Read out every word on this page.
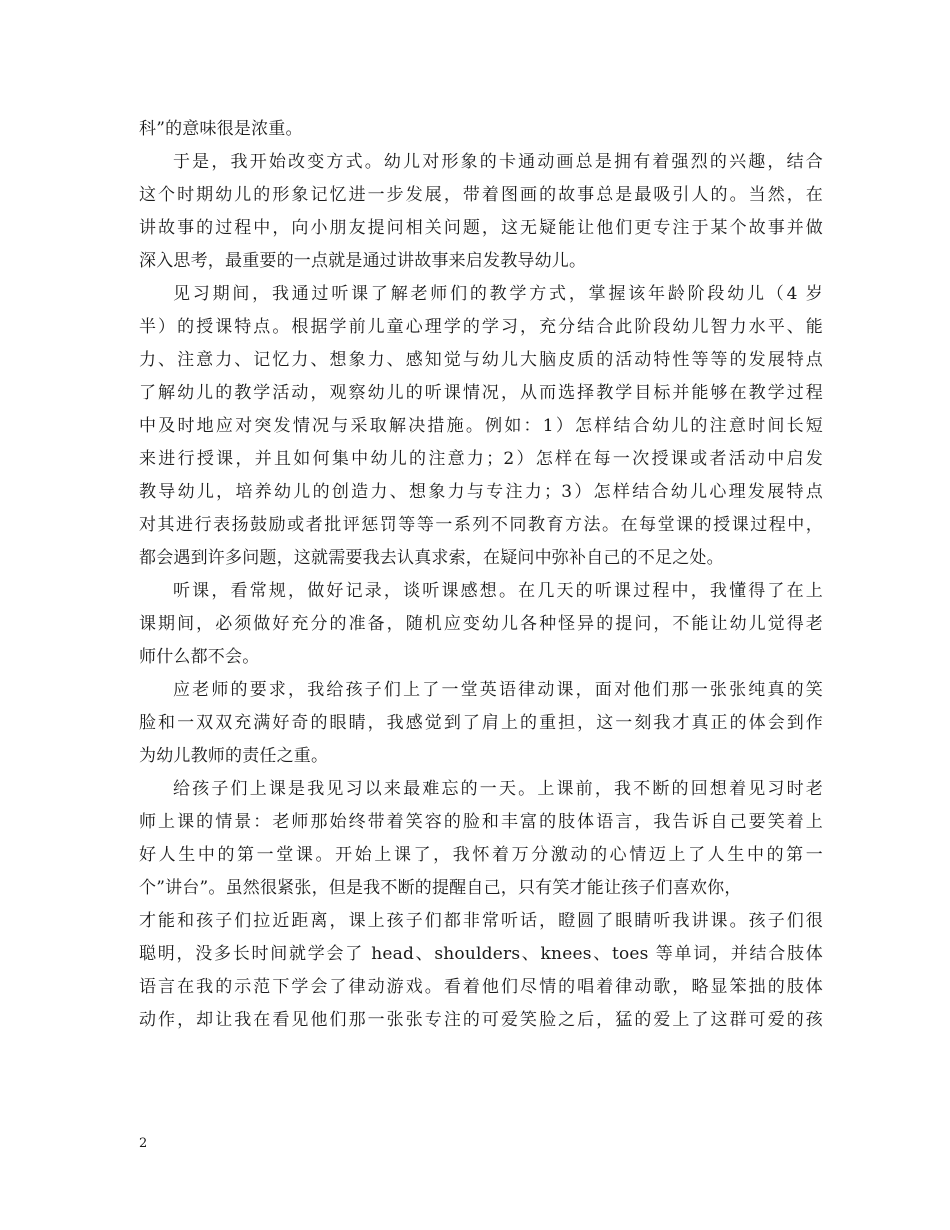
科”的意味很是浓重。
于是，我开始改变方式。幼儿对形象的卡通动画总是拥有着强烈的兴趣，结合
这个时期幼儿的形象记忆进一步发展，带着图画的故事总是最吸引人的。当然，在
讲故事的过程中，向小朋友提问相关问题，这无疑能让他们更专注于某个故事并做
深入思考，最重要的一点就是通过讲故事来启发教导幼儿。
见习期间，我通过听课了解老师们的教学方式，掌握该年龄阶段幼儿（4 岁
半）的授课特点。根据学前儿童心理学的学习，充分结合此阶段幼儿智力水平、能
力、注意力、记忆力、想象力、感知觉与幼儿大脑皮质的活动特性等等的发展特点
了解幼儿的教学活动，观察幼儿的听课情况，从而选择教学目标并能够在教学过程
中及时地应对突发情况与采取解决措施。例如：1）怎样结合幼儿的注意时间长短
来进行授课，并且如何集中幼儿的注意力；2）怎样在每一次授课或者活动中启发
教导幼儿，培养幼儿的创造力、想象力与专注力；3）怎样结合幼儿心理发展特点
对其进行表扬鼓励或者批评惩罚等等一系列不同教育方法。在每堂课的授课过程中，
都会遇到许多问题，这就需要我去认真求索，在疑问中弥补自己的不足之处。
听课，看常规，做好记录，谈听课感想。在几天的听课过程中，我懂得了在上
课期间，必须做好充分的准备，随机应变幼儿各种怪异的提问，不能让幼儿觉得老
师什么都不会。
应老师的要求，我给孩子们上了一堂英语律动课，面对他们那一张张纯真的笑
脸和一双双充满好奇的眼睛，我感觉到了肩上的重担，这一刻我才真正的体会到作
为幼儿教师的责任之重。
给孩子们上课是我见习以来最难忘的一天。上课前，我不断的回想着见习时老
师上课的情景：老师那始终带着笑容的脸和丰富的肢体语言，我告诉自己要笑着上
好人生中的第一堂课。开始上课了，我怀着万分激动的心情迈上了人生中的第一
个”讲台”。虽然很紧张，但是我不断的提醒自己，只有笑才能让孩子们喜欢你，
才能和孩子们拉近距离，课上孩子们都非常听话，瞪圆了眼睛听我讲课。孩子们很
聪明，没多长时间就学会了 head、shoulders、knees、toes 等单词，并结合肢体
语言在我的示范下学会了律动游戏。看着他们尽情的唱着律动歌，略显笨拙的肢体
动作，却让我在看见他们那一张张专注的可爱笑脸之后，猛的爱上了这群可爱的孩
2
